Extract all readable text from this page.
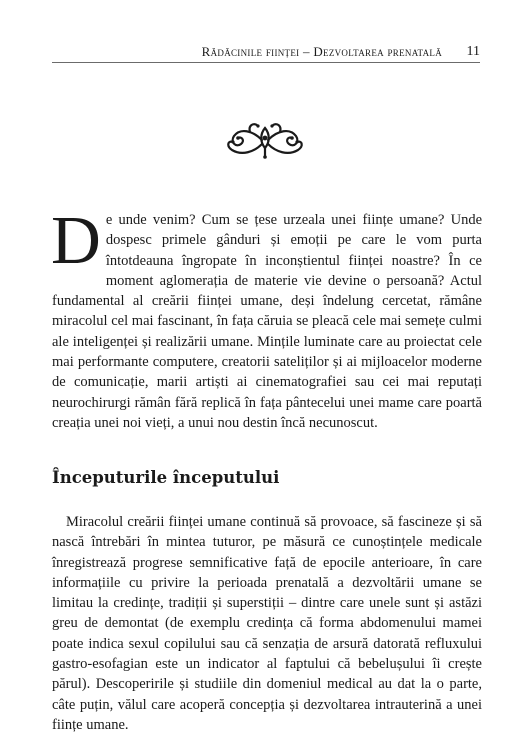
Rădăcinile ființei – Dezvoltarea prenatală 11

De unde venim? Cum se țese urzeala unei ființe umane? Unde dospesc primele gânduri și emoții pe care le vom purta întotdeauna îngropate în inconștientul ființei noastre? În ce moment aglomerația de materie vie devine o persoană? Actul fundamental al creării ființei umane, deși îndelung cercetat, rămâne miracolul cel mai fascinant, în fața căruia se pleacă cele mai semețe culmi ale inteligenței și realizării umane. Mințile luminate care au proiectat cele mai performante computere, creatorii sateliților și ai mijloacelor moderne de comunicație, marii artiști ai cinematografiei sau cei mai reputați neurochirurgi rămân fără replică în fața pântecelui unei mame care poartă creația unei noi vieți, a unui nou destin încă necunoscut.

Începuturile începutului

Miracolul creării ființei umane continuă să provoace, să fascineze și să nască întrebări în mintea tuturor, pe măsură ce cunoștințele medicale înregistrează progrese semnificative față de epocile anterioare, în care informațiile cu privire la perioada prenatală a dezvoltării umane se limitau la credințe, tradiții și superstiții – dintre care unele sunt și astăzi greu de demontat (de exemplu credința că forma abdomenului mamei poate indica sexul copilului sau că senzația de arsură datorată refluxului gastro-esofagian este un indicator al faptului că bebelușului îi crește părul). Descoperirile și studiile din domeniul medical au dat la o parte, câte puțin, vălul care acoperă concepția și dezvoltarea intrauterină a unei ființe umane.
